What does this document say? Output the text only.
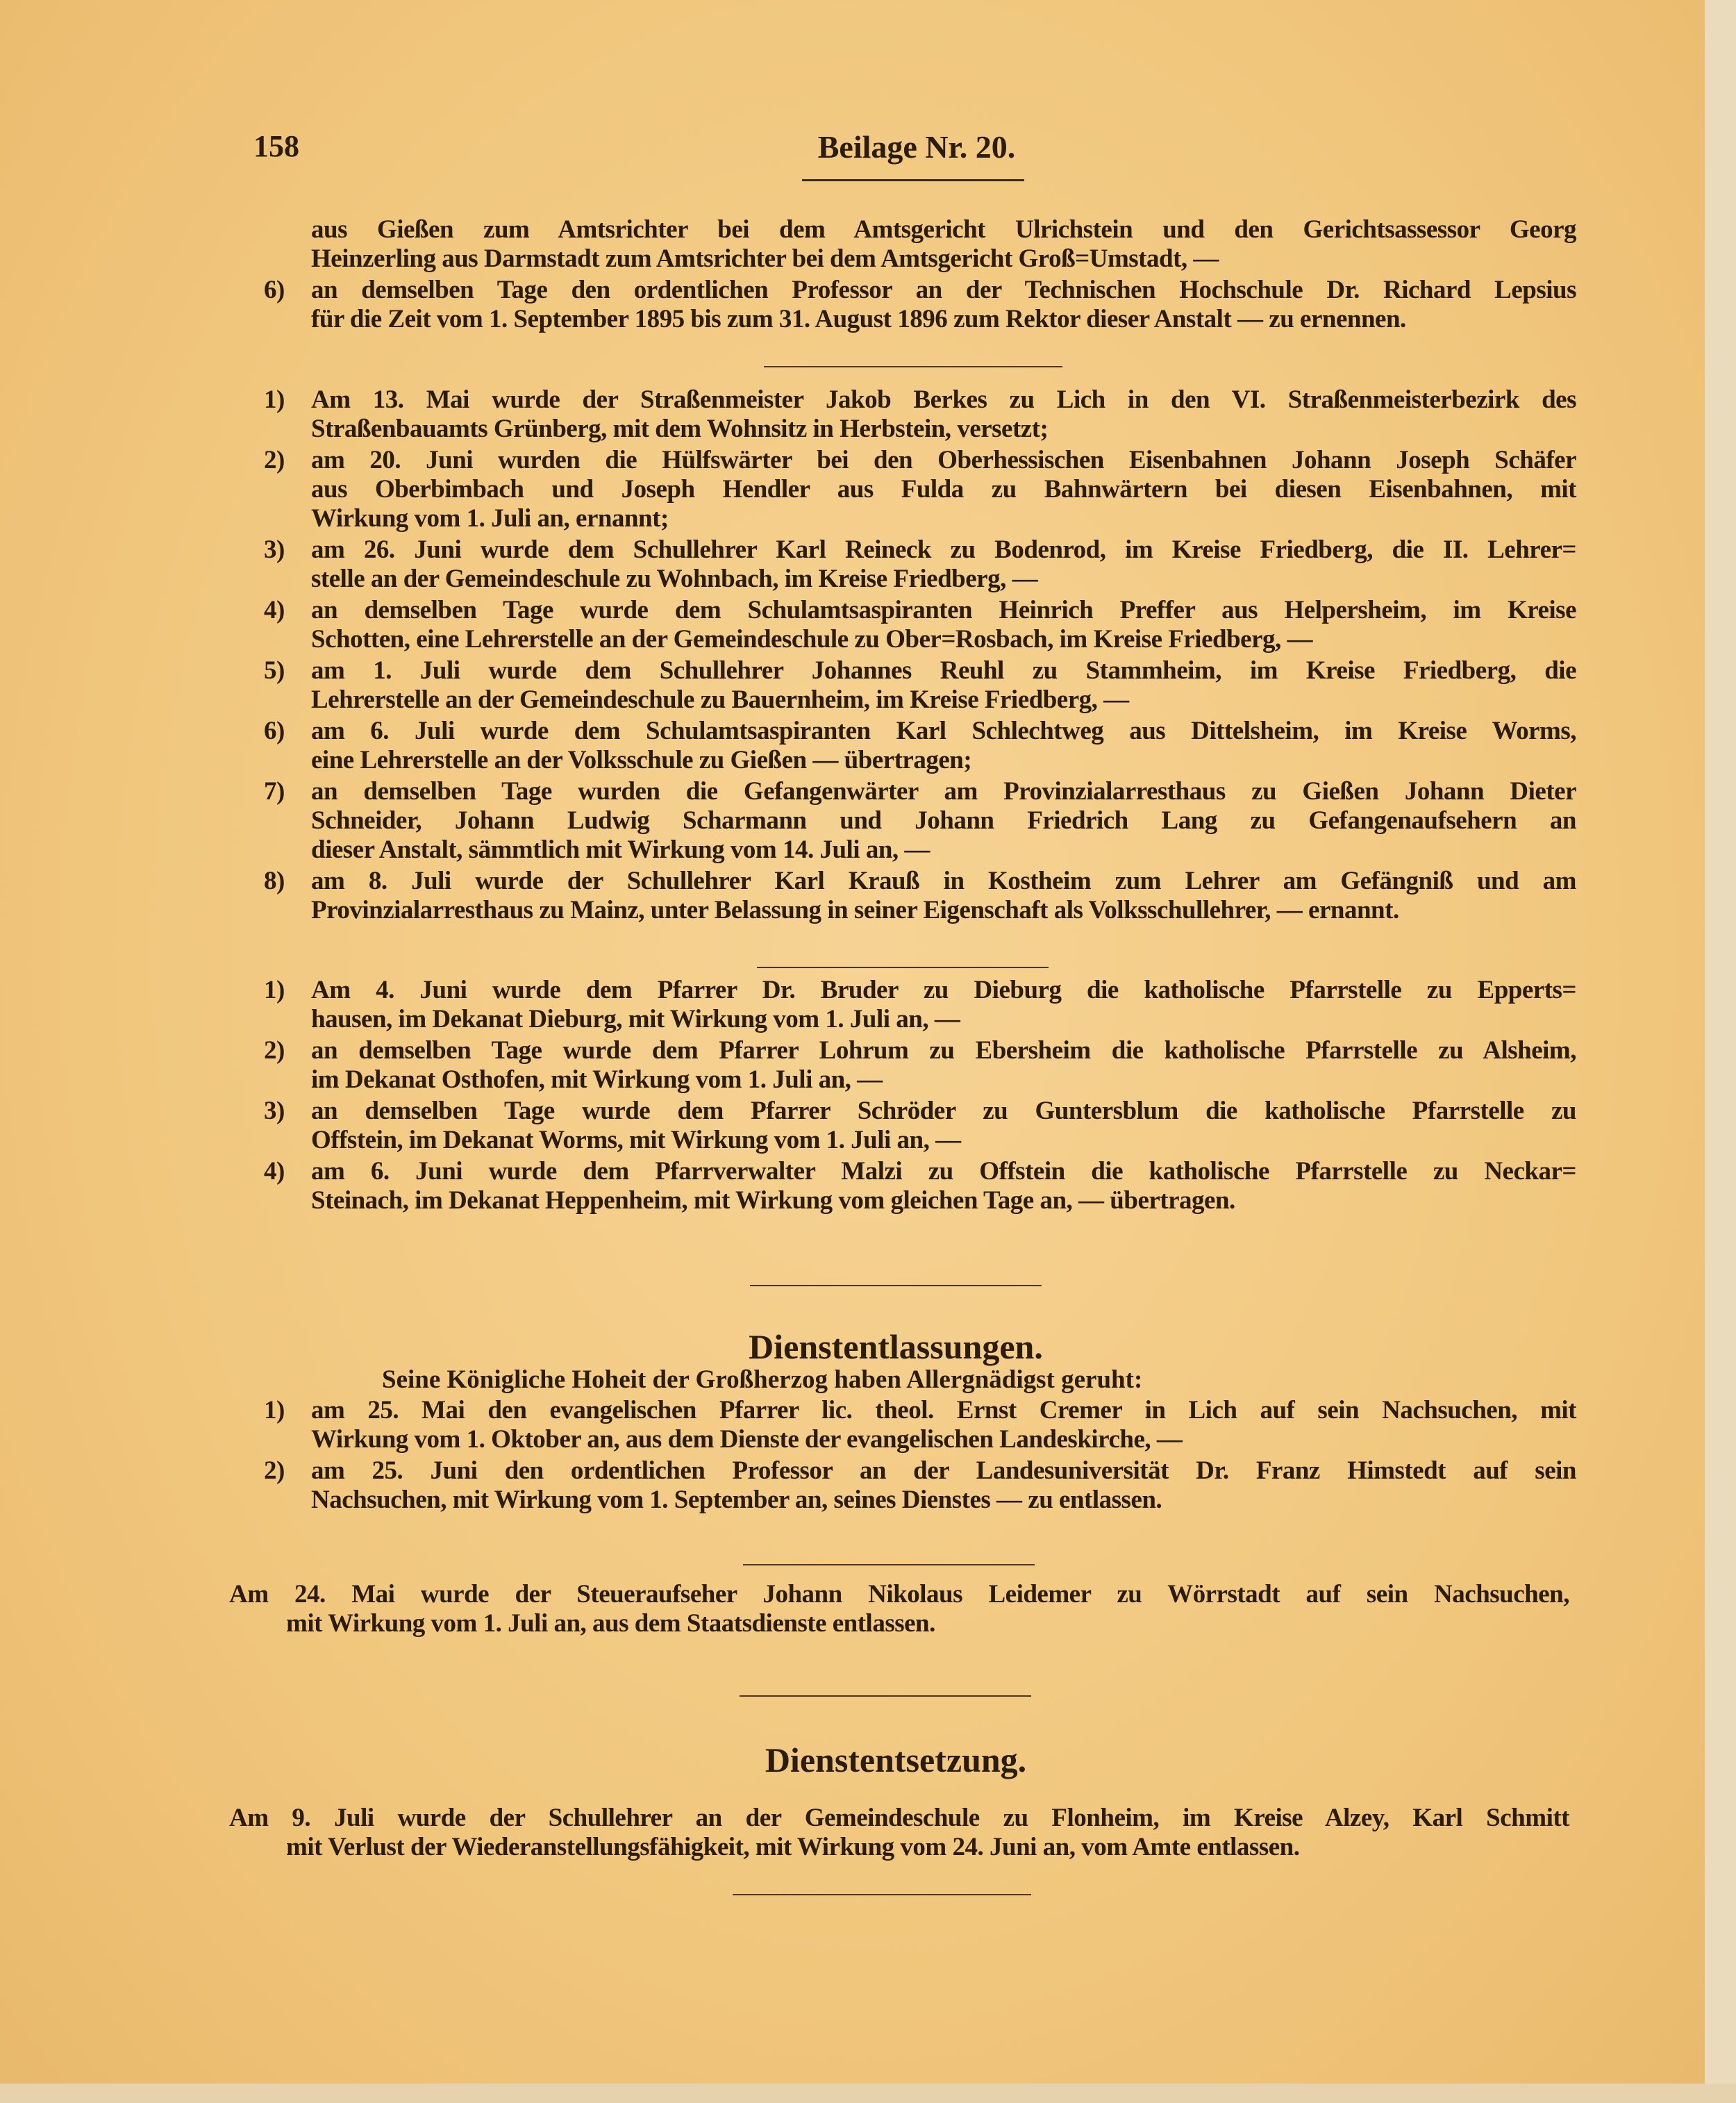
158	Beilage Nr. 20.
aus Gießen zum Amtsrichter bei dem Amtsgericht Ulrichstein und den Gerichtsassessor Georg
Heinzerling aus Darmstadt zum Amtsrichter bei dem Amtsgericht Groß=Umstadt, —
6) an demselben Tage den ordentlichen Professor an der Technischen Hochschule Dr. Richard Lepsius
für die Zeit vom 1. September 1895 bis zum 31. August 1896 zum Rektor dieser Anstalt — zu ernennen.
1) Am 13. Mai wurde der Straßenmeister Jakob Berkes zu Lich in den VI. Straßenmeisterbezirk des
Straßenbauamts Grünberg, mit dem Wohnsitz in Herbstein, versetzt;
2) am 20. Juni wurden die Hülfswärter bei den Oberhessischen Eisenbahnen Johann Joseph Schäfer
aus Oberbimbach und Joseph Hendler aus Fulda zu Bahnwärtern bei diesen Eisenbahnen, mit
Wirkung vom 1. Juli an, ernannt;
3) am 26. Juni wurde dem Schullehrer Karl Reineck zu Bodenrod, im Kreise Friedberg, die II. Lehrer=
stelle an der Gemeindeschule zu Wohnbach, im Kreise Friedberg, —
4) an demselben Tage wurde dem Schulamtsaspiranten Heinrich Preffer aus Helpersheim, im Kreise
Schotten, eine Lehrerstelle an der Gemeindeschule zu Ober=Rosbach, im Kreise Friedberg, —
5) am 1. Juli wurde dem Schullehrer Johannes Reuhl zu Stammheim, im Kreise Friedberg, die
Lehrerstelle an der Gemeindeschule zu Bauernheim, im Kreise Friedberg, —
6) am 6. Juli wurde dem Schulamtsaspiranten Karl Schlechtweg aus Dittelsheim, im Kreise Worms,
eine Lehrerstelle an der Volksschule zu Gießen — übertragen;
7) an demselben Tage wurden die Gefangenwärter am Provinzialarresthaus zu Gießen Johann Dieter
Schneider, Johann Ludwig Scharmann und Johann Friedrich Lang zu Gefangenaufsehern an
dieser Anstalt, sämmtlich mit Wirkung vom 14. Juli an, —
8) am 8. Juli wurde der Schullehrer Karl Krauß in Kostheim zum Lehrer am Gefängniß und am
Provinzialarresthaus zu Mainz, unter Belassung in seiner Eigenschaft als Volksschullehrer, — ernannt.
1) Am 4. Juni wurde dem Pfarrer Dr. Bruder zu Dieburg die katholische Pfarrstelle zu Epperts=
hausen, im Dekanat Dieburg, mit Wirkung vom 1. Juli an, —
2) an demselben Tage wurde dem Pfarrer Lohrum zu Ebersheim die katholische Pfarrstelle zu Alsheim,
im Dekanat Osthofen, mit Wirkung vom 1. Juli an, —
3) an demselben Tage wurde dem Pfarrer Schröder zu Guntersblum die katholische Pfarrstelle zu
Offstein, im Dekanat Worms, mit Wirkung vom 1. Juli an, —
4) am 6. Juni wurde dem Pfarrverwalter Malzi zu Offstein die katholische Pfarrstelle zu Neckar=
Steinach, im Dekanat Heppenheim, mit Wirkung vom gleichen Tage an, — übertragen.
Dienstentlassungen.
Seine Königliche Hoheit der Großherzog haben Allergnädigst geruht:
1) am 25. Mai den evangelischen Pfarrer lic. theol. Ernst Cremer in Lich auf sein Nachsuchen, mit
Wirkung vom 1. Oktober an, aus dem Dienste der evangelischen Landeskirche, —
2) am 25. Juni den ordentlichen Professor an der Landesuniversität Dr. Franz Himstedt auf sein
Nachsuchen, mit Wirkung vom 1. September an, seines Dienstes — zu entlassen.
Am 24. Mai wurde der Steueraufseher Johann Nikolaus Leidemer zu Wörrstadt auf sein Nachsuchen,
mit Wirkung vom 1. Juli an, aus dem Staatsdienste entlassen.
Dienstentsetzung.
Am 9. Juli wurde der Schullehrer an der Gemeindeschule zu Flonheim, im Kreise Alzey, Karl Schmitt
mit Verlust der Wiederanstellungsfähigkeit, mit Wirkung vom 24. Juni an, vom Amte entlassen.
